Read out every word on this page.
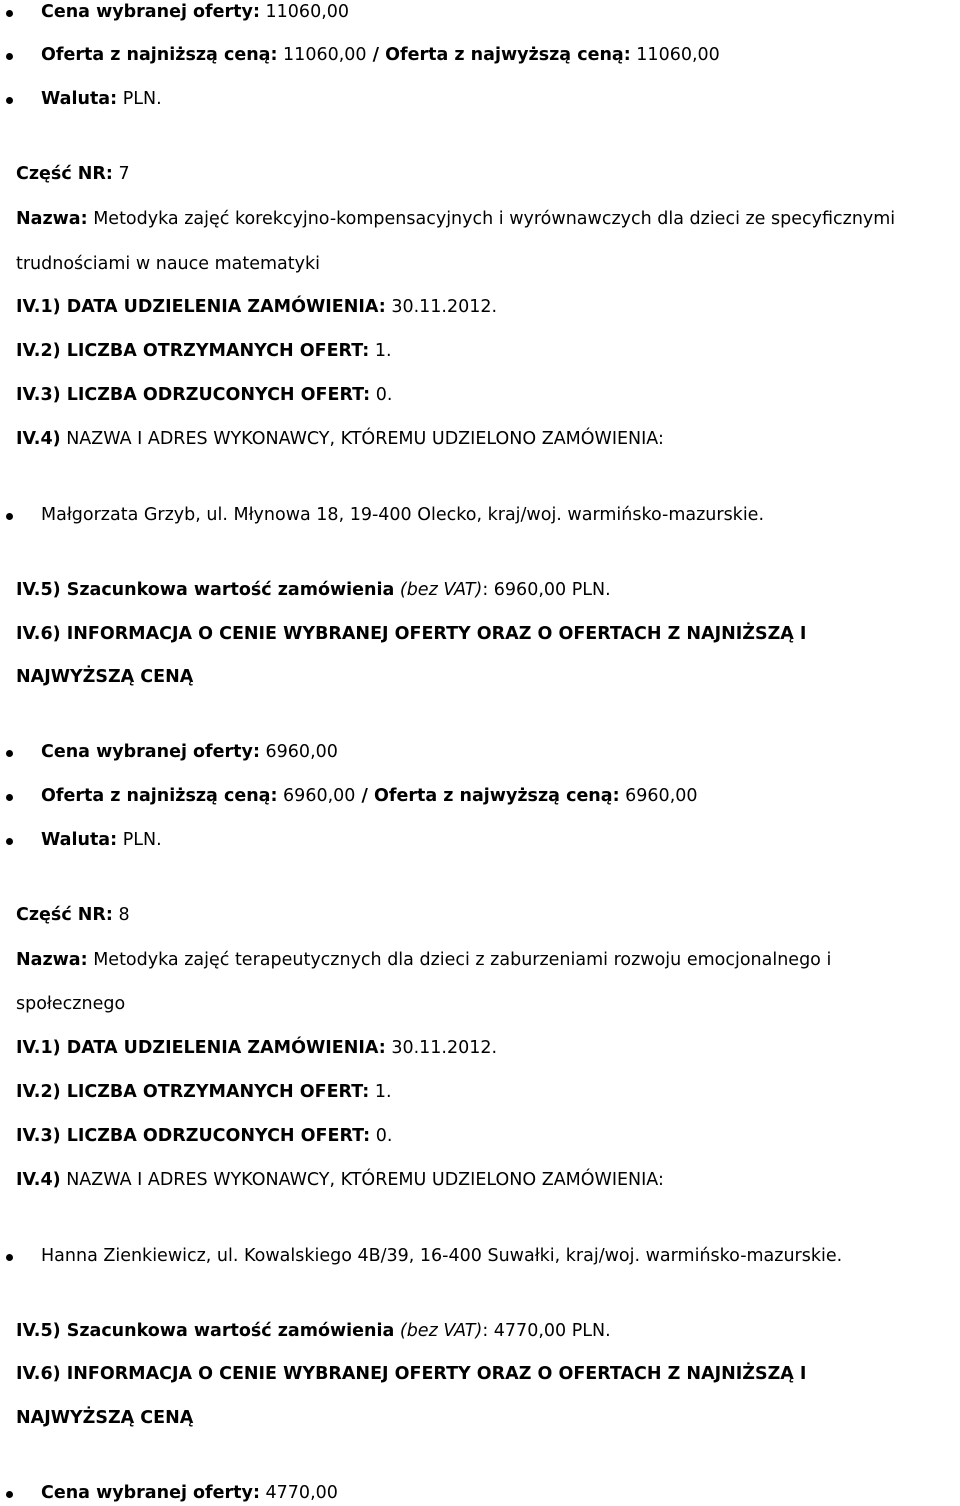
Cena wybranej oferty: 11060,00
Oferta z najniższą ceną: 11060,00 / Oferta z najwyższą ceną: 11060,00
Waluta: PLN.
Część NR: 7
Nazwa: Metodyka zajęć korekcyjno-kompensacyjnych i wyrównawczych dla dzieci ze specyficznymi
trudnościami w nauce matematyki
IV.1) DATA UDZIELENIA ZAMÓWIENIA: 30.11.2012.
IV.2) LICZBA OTRZYMANYCH OFERT: 1.
IV.3) LICZBA ODRZUCONYCH OFERT: 0.
IV.4) NAZWA I ADRES WYKONAWCY, KTÓREMU UDZIELONO ZAMÓWIENIA:
Małgorzata Grzyb, ul. Młynowa 18, 19-400 Olecko, kraj/woj. warmińsko-mazurskie.
IV.5) Szacunkowa wartość zamówienia (bez VAT): 6960,00 PLN.
IV.6) INFORMACJA O CENIE WYBRANEJ OFERTY ORAZ O OFERTACH Z NAJNIŻSZĄ I
NAJWYŻSZĄ CENĄ
Cena wybranej oferty: 6960,00
Oferta z najniższą ceną: 6960,00 / Oferta z najwyższą ceną: 6960,00
Waluta: PLN.
Część NR: 8
Nazwa: Metodyka zajęć terapeutycznych dla dzieci z zaburzeniami rozwoju emocjonalnego i
społecznego
IV.1) DATA UDZIELENIA ZAMÓWIENIA: 30.11.2012.
IV.2) LICZBA OTRZYMANYCH OFERT: 1.
IV.3) LICZBA ODRZUCONYCH OFERT: 0.
IV.4) NAZWA I ADRES WYKONAWCY, KTÓREMU UDZIELONO ZAMÓWIENIA:
Hanna Zienkiewicz, ul. Kowalskiego 4B/39, 16-400 Suwałki, kraj/woj. warmińsko-mazurskie.
IV.5) Szacunkowa wartość zamówienia (bez VAT): 4770,00 PLN.
IV.6) INFORMACJA O CENIE WYBRANEJ OFERTY ORAZ O OFERTACH Z NAJNIŻSZĄ I
NAJWYŻSZĄ CENĄ
Cena wybranej oferty: 4770,00
